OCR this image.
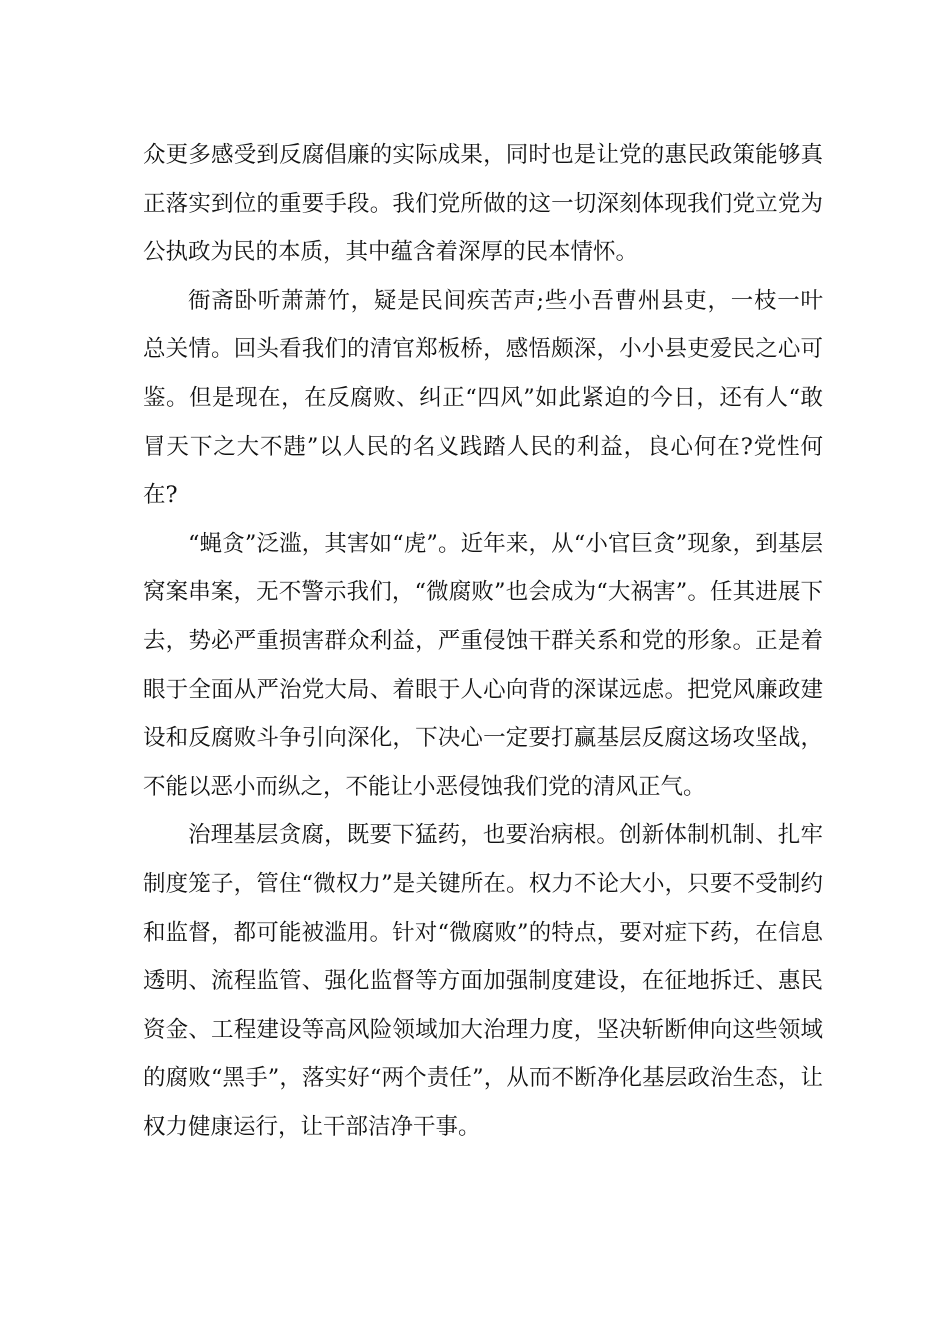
众更多感受到反腐倡廉的实际成果，同时也是让党的惠民政策能够真正落实到位的重要手段。我们党所做的这一切深刻体现我们党立党为公执政为民的本质，其中蕴含着深厚的民本情怀。

衙斋卧听萧萧竹，疑是民间疾苦声;些小吾曹州县吏，一枝一叶总关情。回头看我们的清官郑板桥，感悟颇深，小小县吏爱民之心可鉴。但是现在，在反腐败、纠正“四风”如此紧迫的今日，还有人“敢冒天下之大不韪”以人民的名义践踏人民的利益，良心何在?党性何在?

“蝇贪”泛滥，其害如“虎”。近年来，从“小官巨贪”现象，到基层窝案串案，无不警示我们，“微腐败”也会成为“大祸害”。任其进展下去，势必严重损害群众利益，严重侵蚀干群关系和党的形象。正是着眼于全面从严治党大局、着眼于人心向背的深谋远虑。把党风廉政建设和反腐败斗争引向深化，下决心一定要打赢基层反腐这场攻坚战，不能以恶小而纵之，不能让小恶侵蚀我们党的清风正气。

治理基层贪腐，既要下猛药，也要治病根。创新体制机制、扎牢制度笼子，管住“微权力”是关键所在。权力不论大小，只要不受制约和监督，都可能被滥用。针对“微腐败”的特点，要对症下药，在信息透明、流程监管、强化监督等方面加强制度建设，在征地拆迁、惠民资金、工程建设等高风险领域加大治理力度，坚决斩断伸向这些领域的腐败“黑手”，落实好“两个责任”，从而不断净化基层政治生态，让权力健康运行，让干部洁净干事。
